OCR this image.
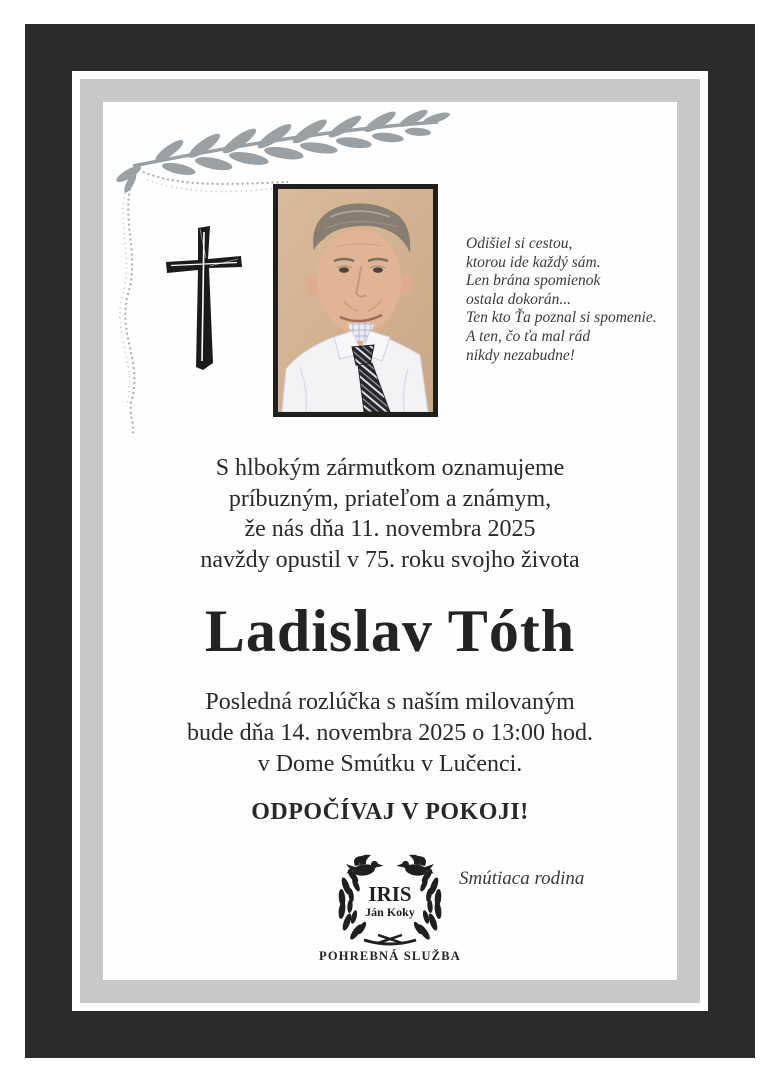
Odišiel si cestou,
ktorou ide každý sám.
Len brána spomienok
ostala dokorán...
Ten kto Ťa poznal si spomenie.
A ten, čo ťa mal rád
nikdy nezabudne!
S hlbokým zármutkom oznamujeme
príbuzným, priateľom a známym,
že nás dňa 11. novembra 2025
navždy opustil v 75. roku svojho života
Ladislav Tóth
Posledná rozlúčka s naším milovaným
bude dňa 14. novembra 2025 o 13:00 hod.
v Dome Smútku v Lučenci.
ODPOČÍVAJ V POKOJI!
IRIS
Ján Koky
POHREBNÁ SLUŽBA
Smútiaca rodina
